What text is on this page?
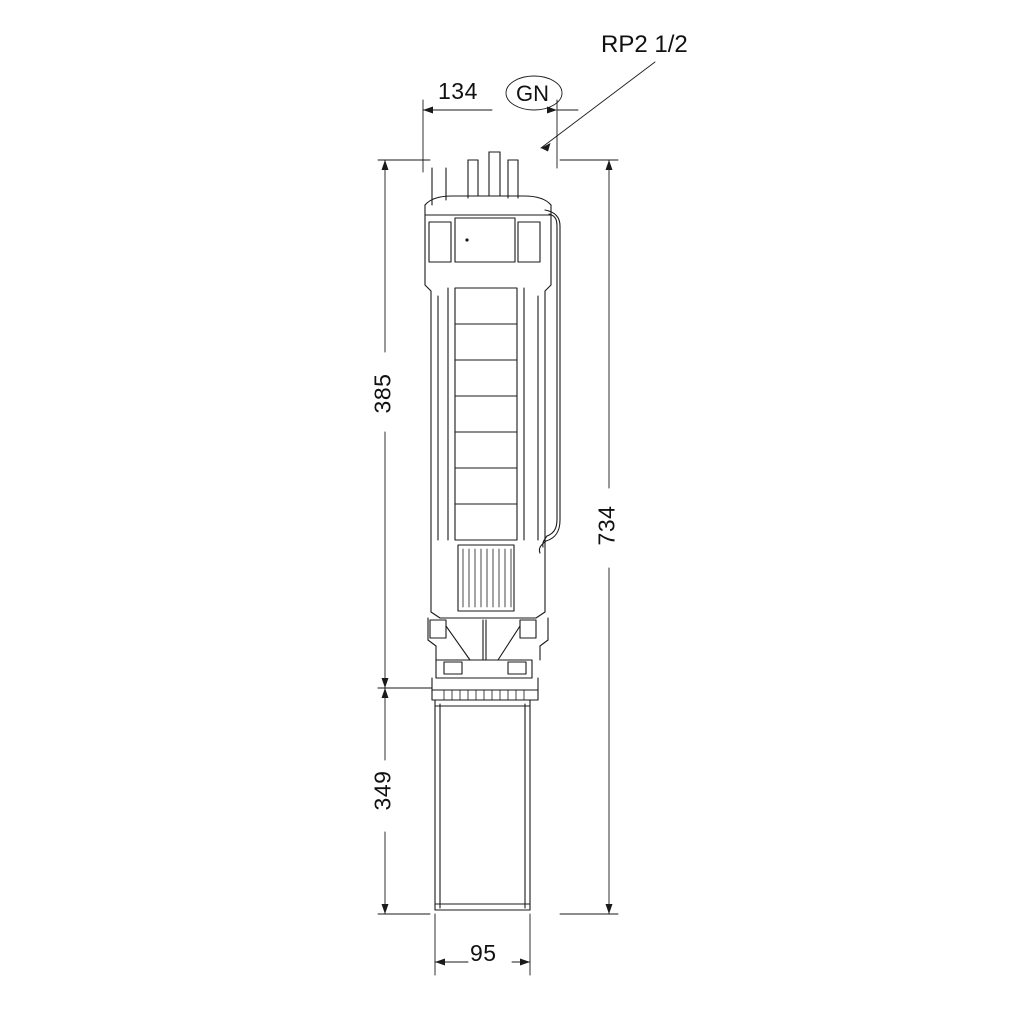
134 GN
RP2 1/2
385
349
734
95
